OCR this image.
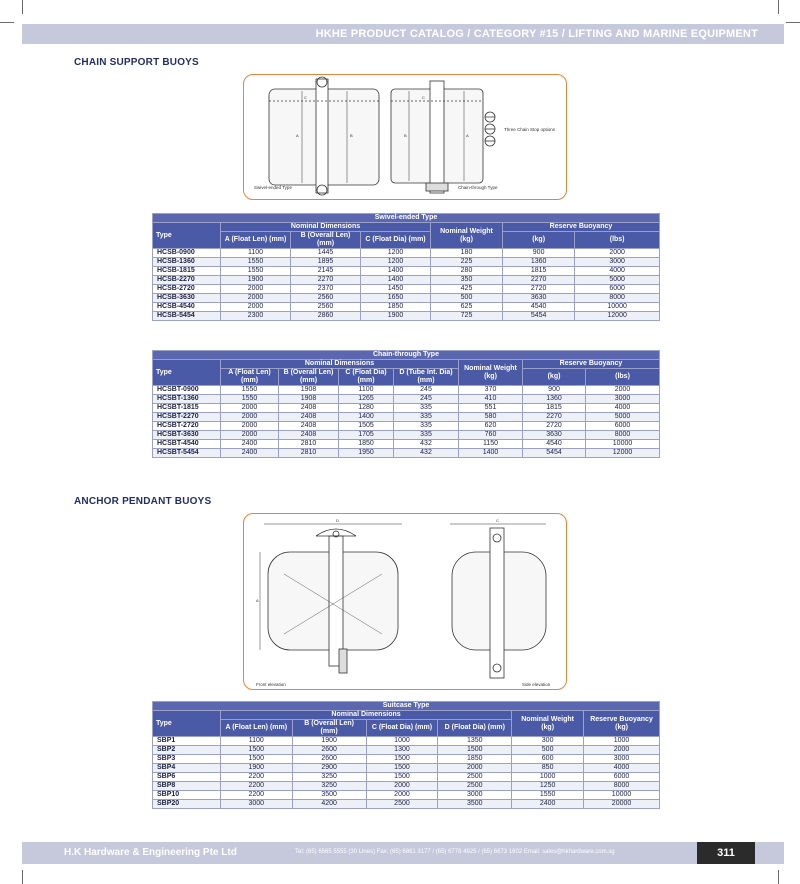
HKHE PRODUCT CATALOG / CATEGORY #15 / LIFTING AND MARINE EQUIPMENT
CHAIN SUPPORT BUOYS
C
A	B
C
B	A
Three Chain Stop options
Swivel-ended Type	Chain-through Type
Swivel-ended Type						
Type	Nominal Dimensions			Nominal Weight (kg)	Reserve Buoyancy	
	A (Float Len) (mm)	B (Overall Len) (mm)	C (Float Dia) (mm)		(kg)	(lbs)
HCSB-0900	1100	1445	1200	180	900	2000
HCSB-1360	1550	1895	1200	225	1360	3000
HCSB-1815	1550	2145	1400	280	1815	4000
HCSB-2270	1900	2270	1400	350	2270	5000
HCSB-2720	2000	2370	1450	425	2720	6000
HCSB-3630	2000	2560	1650	500	3630	8000
HCSB-4540	2000	2560	1850	625	4540	10000
HCSB-5454	2300	2860	1900	725	5454	12000
Chain-through Type							
Type	Nominal Dimensions				Nominal Weight (kg)	Reserve Buoyancy	
	A (Float Len) (mm)	B (Overall Len) (mm)	C (Float Dia) (mm)	D (Tube Int. Dia) (mm)		(kg)	(lbs)
HCSBT-0900	1550	1908	1100	245	370	900	2000
HCSBT-1360	1550	1908	1265	245	410	1360	3000
HCSBT-1815	2000	2408	1280	335	551	1815	4000
HCSBT-2270	2000	2408	1400	335	580	2270	5000
HCSBT-2720	2000	2408	1505	335	620	2720	6000
HCSBT-3630	2000	2408	1705	335	760	3630	8000
HCSBT-4540	2400	2810	1850	432	1150	4540	10000
HCSBT-5454	2400	2810	1950	432	1400	5454	12000
ANCHOR PENDANT BUOYS
D
A
C
Front elevation	Side elevation
Suitcase Type						
Type	Nominal Dimensions				Nominal Weight (kg)	Reserve Buoyancy (kg)
	A (Float Len) (mm)	B (Overall Len) (mm)	C (Float Dia) (mm)	D (Float Dia) (mm)		
SBP1	1100	1900	1000	1350	300	1000
SBP2	1500	2600	1300	1500	500	2000
SBP3	1500	2600	1500	1850	600	3000
SBP4	1900	2900	1500	2000	850	4000
SBP6	2200	3250	1500	2500	1000	6000
SBP8	2200	3250	2000	2500	1250	8000
SBP10	2200	3500	2000	3000	1550	10000
SBP20	3000	4200	2500	3500	2400	20000
H.K Hardware & Engineering Pte Ltd	Tel: (65) 6565 5555 (30 Lines) Fax: (65) 6861 3177 / (65) 6778 4925 / (65) 6873 1602 Email: sales@hkhardware.com.sg	311
